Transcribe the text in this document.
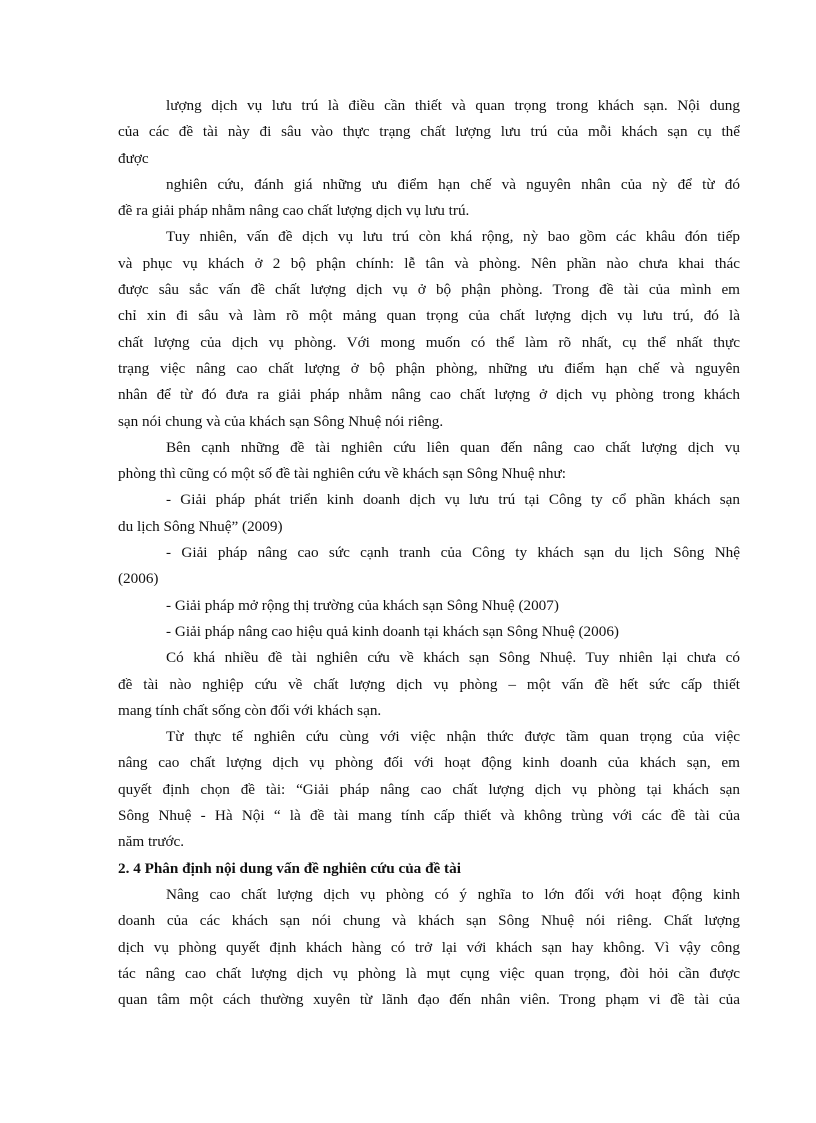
lượng dịch vụ lưu trú là điều cần thiết và quan trọng trong khách sạn. Nội dung
của các đề tài này đi sâu vào thực trạng chất lượng lưu trú của mỗi khách sạn cụ thể
được
nghiên cứu, đánh giá những ưu điểm hạn chế và nguyên nhân của nỳ để từ đó
đề ra giải pháp nhằm nâng cao chất lượng dịch vụ lưu trú.
Tuy nhiên, vấn đề dịch vụ lưu trú còn khá rộng, nỳ bao gồm các khâu đón tiếp
và phục vụ khách ở 2 bộ phận chính: lễ tân và phòng. Nên phần nào chưa khai thác
được sâu sắc vấn đề chất lượng dịch vụ ở bộ phận phòng. Trong đề tài của mình em
chỉ xin đi sâu và làm rõ một mảng quan trọng của chất lượng dịch vụ lưu trú, đó là
chất lượng của dịch vụ phòng. Với mong muốn có thể làm rõ nhất, cụ thể nhất thực
trạng việc nâng cao chất lượng ở bộ phận phòng, những ưu điểm hạn chế và nguyên
nhân để từ đó đưa ra giải pháp nhằm nâng cao chất lượng ở dịch vụ phòng trong khách
sạn nói chung và của khách sạn Sông Nhuệ nói riêng.
Bên cạnh những đề tài nghiên cứu liên quan đến nâng cao chất lượng dịch vụ
phòng thì cũng có một số đề tài nghiên cứu về khách sạn Sông Nhuệ như:
- Giải pháp phát triển kinh doanh dịch vụ lưu trú tại Công ty cổ phần khách sạn
du lịch Sông Nhuệ” (2009)
- Giải pháp nâng cao sức cạnh tranh của Công ty khách sạn du lịch Sông Nhệ
(2006)
- Giải pháp mở rộng thị trường của khách sạn Sông Nhuệ (2007)
- Giải pháp nâng cao hiệu quả kinh doanh tại khách sạn Sông Nhuệ (2006)
Có khá nhiều đề tài nghiên cứu về khách sạn Sông Nhuệ. Tuy nhiên lại chưa có
đề tài nào nghiệp cứu về chất lượng dịch vụ phòng – một vấn đề hết sức cấp thiết
mang tính chất sống còn đối với khách sạn.
Từ thực tế nghiên cứu cùng với việc nhận thức được tầm quan trọng của việc
nâng cao chất lượng dịch vụ phòng đối với hoạt động kinh doanh của khách sạn, em
quyết định chọn đề tài: “Giải pháp nâng cao chất lượng dịch vụ phòng tại khách sạn
Sông Nhuệ - Hà Nội “ là đề tài mang tính cấp thiết và không trùng với các đề tài của
năm trước.
2. 4 Phân định nội dung vấn đề nghiên cứu của đề tài
Nâng cao chất lượng dịch vụ phòng có ý nghĩa to lớn đối với hoạt động kinh
doanh của các khách sạn nói chung và khách sạn Sông Nhuệ nói riêng. Chất lượng
dịch vụ phòng quyết định khách hàng có trở lại với khách sạn hay không. Vì vậy công
tác nâng cao chất lượng dịch vụ phòng là mụt cụng việc quan trọng, đòi hỏi cần được
quan tâm một cách thường xuyên từ lãnh đạo đến nhân viên. Trong phạm vi đề tài của
